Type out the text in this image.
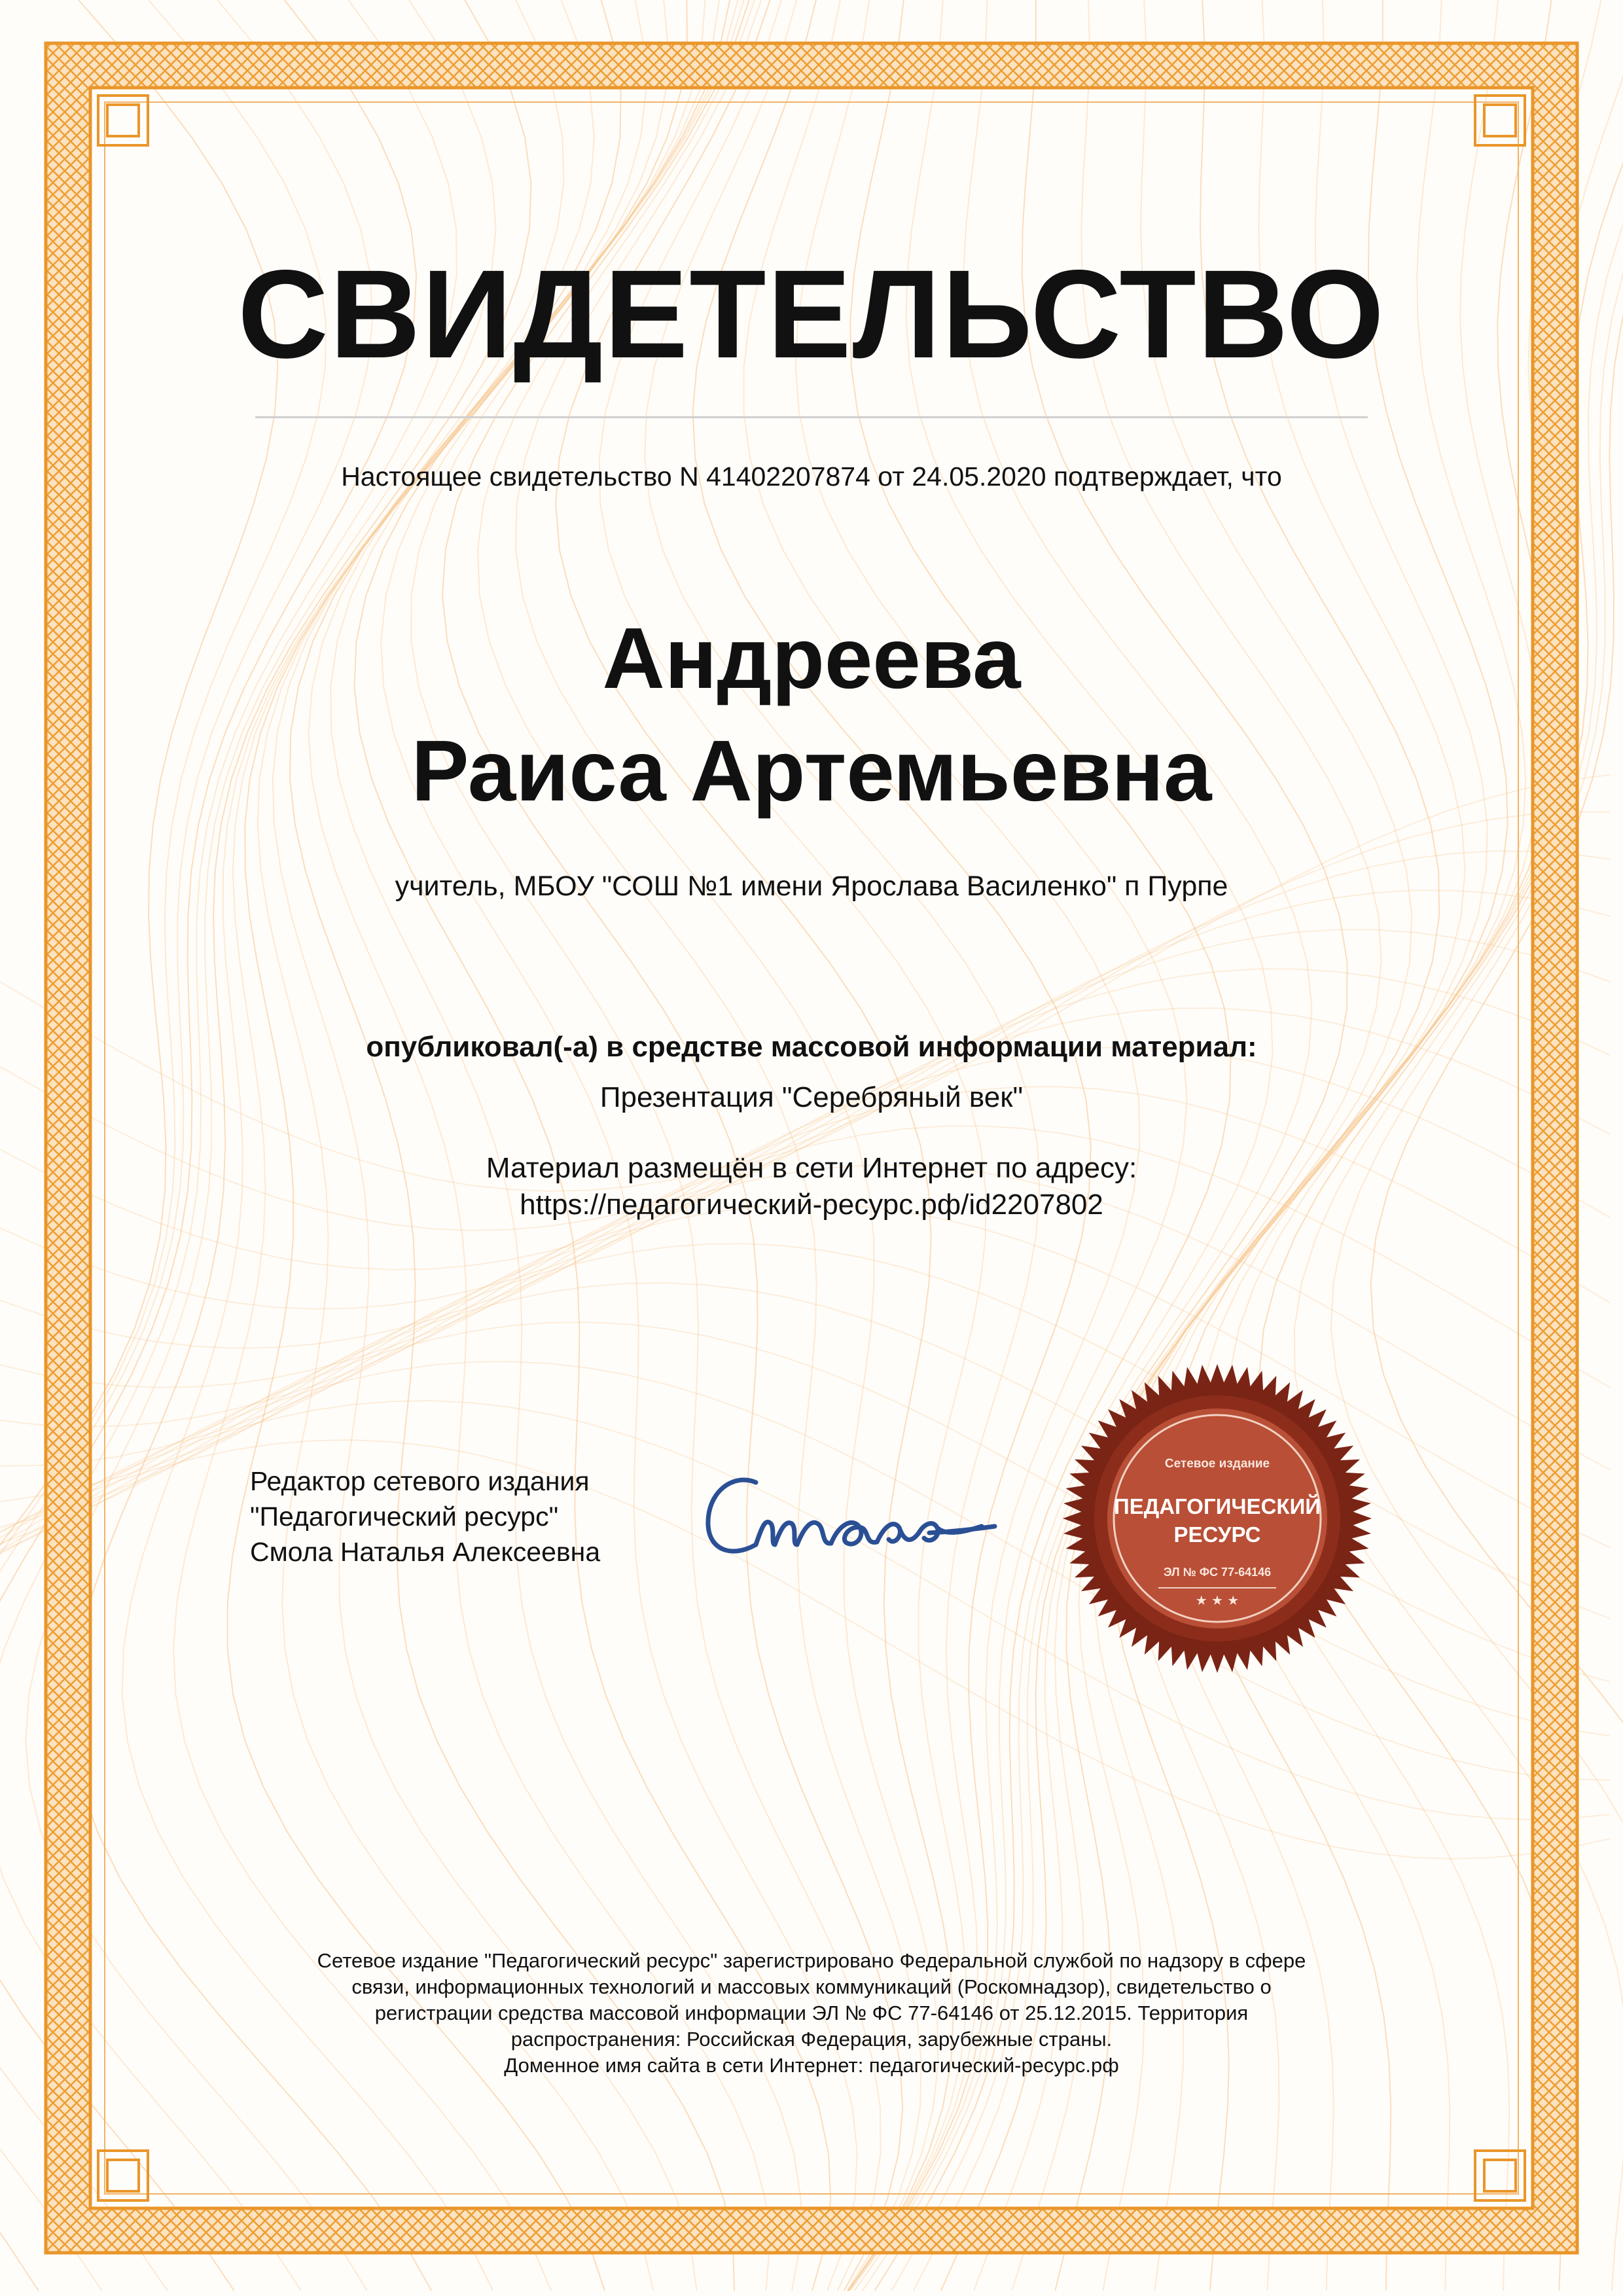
СВИДЕТЕЛЬСТВО
Настоящее свидетельство N 41402207874 от 24.05.2020 подтверждает, что
Андреева
Раиса Артемьевна
учитель, МБОУ "СОШ №1 имени Ярослава Василенко" п Пурпе
опубликовал(-а) в средстве массовой информации материал:
Презентация "Серебряный век"
Материал размещён в сети Интернет по адресу:
https://педагогический-ресурс.рф/id2207802
Редактор сетевого издания
"Педагогический ресурс"
Смола Наталья Алексеевна
Сетевое издание
ПЕДАГОГИЧЕСКИЙ
РЕСУРС
ЭЛ № ФС 77-64146
★ ★ ★
Сетевое издание "Педагогический ресурс" зарегистрировано Федеральной службой по надзору в сфере
связи, информационных технологий и массовых коммуникаций (Роскомнадзор), свидетельство о
регистрации средства массовой информации ЭЛ № ФС 77-64146 от 25.12.2015. Территория
распространения: Российская Федерация, зарубежные страны.
Доменное имя сайта в сети Интернет: педагогический-ресурс.рф
